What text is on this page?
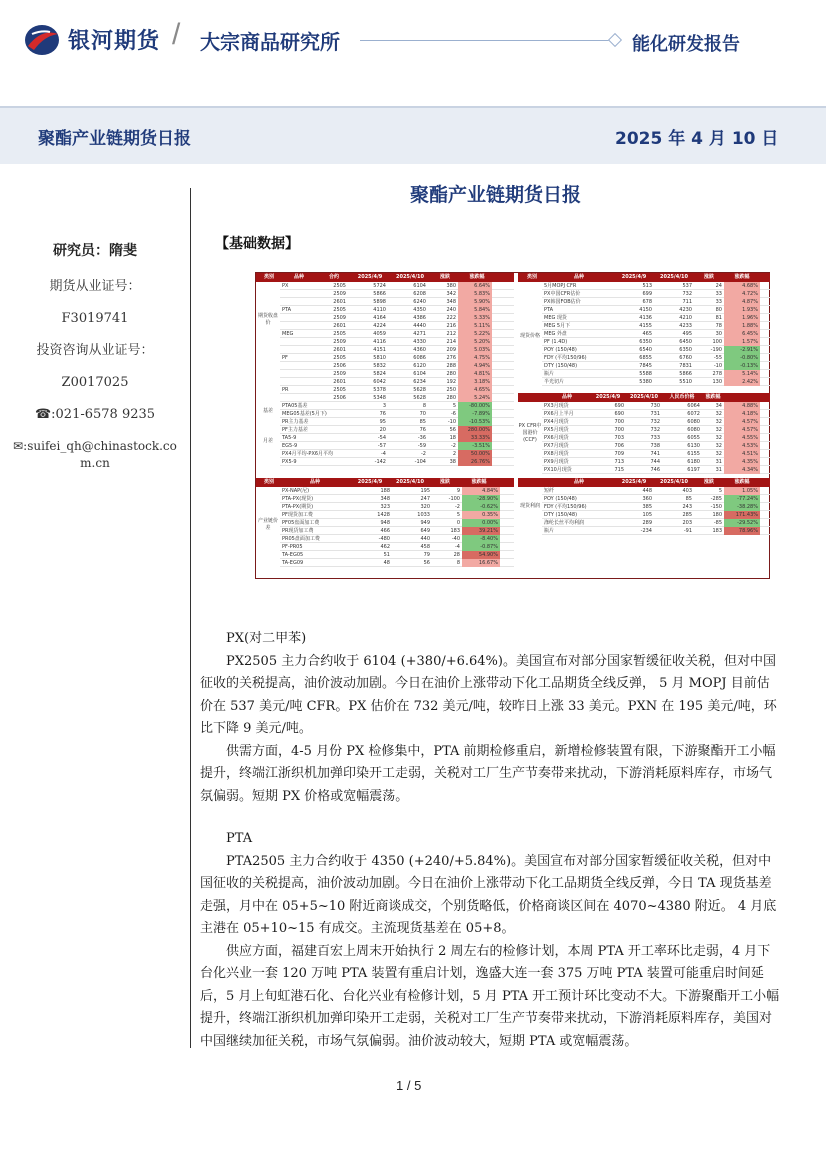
银河期货 / 大宗商品研究所	能化研发报告
聚酯产业链期货日报	2025 年 4 月 10 日
聚酯产业链期货日报
研究员：隋斐
期货从业证号：
F3019741
投资咨询从业证号：
Z0017025
☎:021-6578 9235
✉:suifei_qh@chinastock.co
m.cn
【基础数据】
类别	品种	合约	2025/4/9	2025/4/10	涨跌	涨跌幅
PX	2505	5724	6104	380	6.64%
2509	5866	6208	342	5.83%
2601	5898	6240	348	5.90%
PTA	2505	4110	4350	240	5.84%
2509	4164	4386	222	5.33%
2601	4224	4440	216	5.11%
MEG	2505	4059	4271	212	5.22%
2509	4116	4330	214	5.20%
2601	4151	4360	209	5.03%
PF	2505	5810	6086	276	4.75%
2506	5832	6120	288	4.94%
2509	5824	6104	280	4.81%
2601	6042	6234	192	3.18%
PR	2505	5378	5628	250	4.65%
2506	5348	5628	280	5.24%
PTA05基差	3	8	5	-80.00%
MEG05基差(5月下)	76	70	-6	-7.89%
PR主力基差	95	85	-10	-10.53%
PF主力基差	20	76	56	280.00%
TA5-9	-54	-36	18	33.33%
EG5-9	-57	-59	-2	-3.51%
PX4月平均-PX6月平均	-4	-2	2	50.00%
PX5-9	-142	-104	38	26.76%
期货收盘价
基差
月差
类别	品种	2025/4/9	2025/4/10	涨跌	涨跌幅
5月MOPJ CFR	513	537	24	4.68%
PX中国CFR估价	699	732	33	4.72%
PX韩国FOB估价	678	711	33	4.87%
PTA	4150	4230	80	1.93%
MEG 现货	4136	4210	81	1.96%
MEG 5月下	4155	4233	78	1.88%
MEG 外盘	465	495	30	6.45%
PF (1.4D)	6350	6450	100	1.57%
POY (150/48)	6540	6350	-190	-2.91%
FDY (平均150/96)	6855	6760	-55	-0.80%
DTY (150/48)	7845	7831	-10	-0.13%
瓶片	5588	5866	278	5.14%
半光切片	5380	5510	130	2.42%
现货价格
品种	2025/4/9	2025/4/10	人民币价格	涨跌幅
PX3月现货	690	730	6064	34	4.88%
PX6月上半月	690	731	6072	32	4.18%
PX4月现货	700	732	6080	32	4.57%
PX5月现货	700	732	6080	32	4.57%
PX6月现货	703	733	6055	32	4.55%
PX7月现货	706	738	6130	32	4.53%
PX8月现货	709	741	6155	32	4.51%
PX9月现货	713	744	6180	31	4.35%
PX10月现货	715	746	6197	31	4.34%
PX CFR中国港价(CCF)
类别	品种	2025/4/9	2025/4/10	涨跌	涨跌幅
PX-NAP(尼)	188	195	9	4.84%
PTA-PX(现货)	348	247	-100	-28.90%
PTA-PX(期货)	323	320	-2	-0.62%
PF现货加工费	1428	1033	5	0.35%
PF05盘面加工费	948	949	0	0.00%
PR现货加工费	466	649	183	39.21%
PR05盘面加工费	-480	440	-40	-8.40%
PF-PR05	462	458	-4	-0.87%
TA-EG05	51	79	28	54.90%
TA-EG09	48	56	8	16.67%
产业链价差
品种	2025/4/9	2025/4/10	涨跌	涨跌幅
短纤	448	403	5	1.05%
POY (150/48)	360	85	-285	-77.24%
FDY (平均150/96)	385	243	-150	-38.28%
DTY (150/48)	105	285	180	171.43%
涤纶长丝平均利润	289	203	-85	-29.52%
瓶片	-234	-91	183	78.96%
现货利润

PX(对二甲苯)

PX2505 主力合约收于 6104 (+380/+6.64%)。美国宣布对部分国家暂缓征收关税，但对中国征收的关税提高，油价波动加剧。今日在油价上涨带动下化工品期货全线反弹， 5 月 MOPJ 目前估价在 537 美元/吨 CFR。PX 估价在 732 美元/吨，较昨日上涨 33 美元。PXN 在 195 美元/吨，环比下降 9 美元/吨。

供需方面，4-5 月份 PX 检修集中，PTA 前期检修重启，新增检修装置有限，下游聚酯开工小幅提升，终端江浙织机加弹印染开工走弱，关税对工厂生产节奏带来扰动，下游消耗原料库存，市场气氛偏弱。短期 PX 价格或宽幅震荡。

PTA

PTA2505 主力合约收于 4350 (+240/+5.84%)。美国宣布对部分国家暂缓征收关税，但对中国征收的关税提高，油价波动加剧。今日在油价上涨带动下化工品期货全线反弹，今日 TA 现货基差走强，月中在 05+5~10 附近商谈成交，个别货略低，价格商谈区间在 4070~4380 附近。 4 月底主港在 05+10~15 有成交。主流现货基差在 05+8。

供应方面，福建百宏上周末开始执行 2 周左右的检修计划，本周 PTA 开工率环比走弱，4 月下台化兴业一套 120 万吨 PTA 装置有重启计划，逸盛大连一套 375 万吨 PTA 装置可能重启时间延后，5 月上旬虹港石化、台化兴业有检修计划，5 月 PTA 开工预计环比变动不大。下游聚酯开工小幅提升，终端江浙织机加弹印染开工走弱，关税对工厂生产节奏带来扰动，下游消耗原料库存，美国对中国继续加征关税，市场气氛偏弱。油价波动较大，短期 PTA 或宽幅震荡。

1 / 5
